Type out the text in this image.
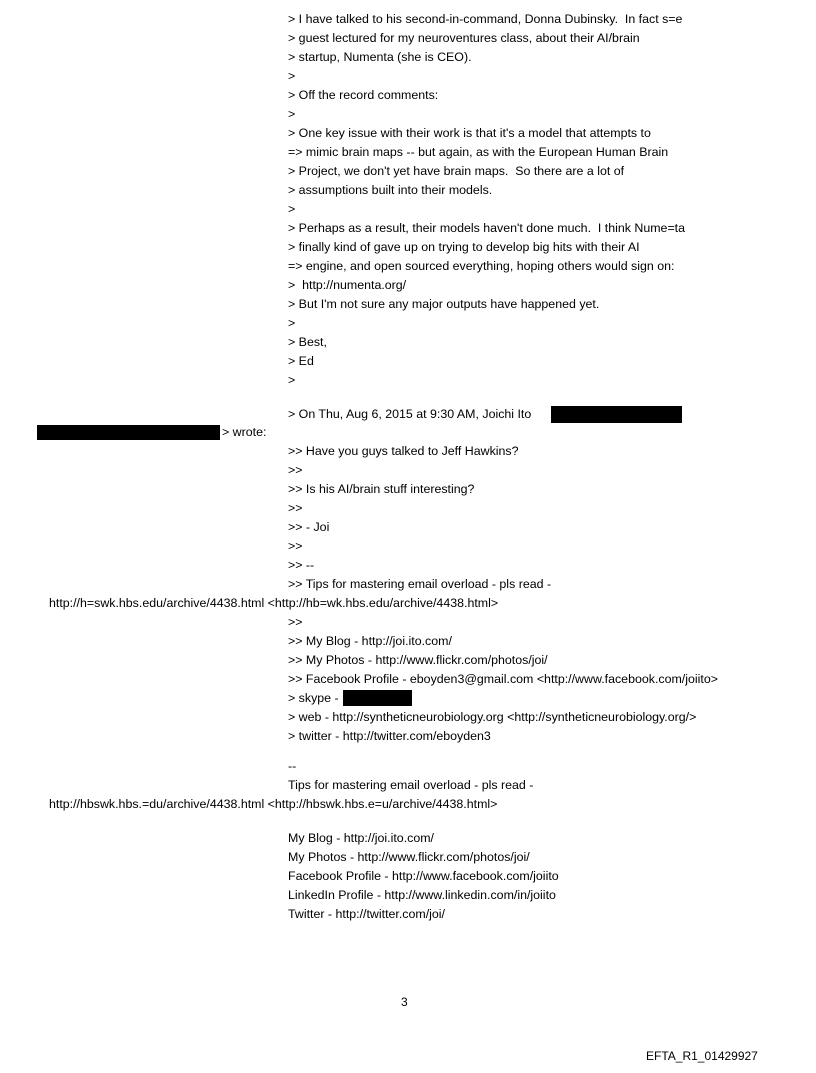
> I have talked to his second-in-command, Donna Dubinsky.  In fact s=e
> guest lectured for my neuroventures class, about their AI/brain
> startup, Numenta (she is CEO).
>
> Off the record comments:
>
> One key issue with their work is that it's a model that attempts to
=> mimic brain maps -- but again, as with the European Human Brain
> Project, we don't yet have brain maps.  So there are a lot of
> assumptions built into their models.
>
> Perhaps as a result, their models haven't done much.  I think Nume=ta
> finally kind of gave up on trying to develop big hits with their AI
=> engine, and open sourced everything, hoping others would sign on:
>  http://numenta.org/
> But I'm not sure any major outputs have happened yet.
>
> Best,
> Ed
>
> On Thu, Aug 6, 2015 at 9:30 AM, Joichi Ito
> wrote:
>> Have you guys talked to Jeff Hawkins?
>>
>> Is his AI/brain stuff interesting?
>>
>> - Joi
>>
>> --
>> Tips for mastering email overload - pls read -
http://h=swk.hbs.edu/archive/4438.html <http://hb=wk.hbs.edu/archive/4438.html>
>>
>> My Blog - http://joi.ito.com/
>> My Photos - http://www.flickr.com/photos/joi/
>> Facebook Profile - eboyden3@gmail.com <http://www.facebook.com/joiito>
> skype -
> web - http://syntheticneurobiology.org <http://syntheticneurobiology.org/>
> twitter - http://twitter.com/eboyden3
--
Tips for mastering email overload - pls read -
http://hbswk.hbs.=du/archive/4438.html <http://hbswk.hbs.e=u/archive/4438.html>
My Blog - http://joi.ito.com/
My Photos - http://www.flickr.com/photos/joi/
Facebook Profile - http://www.facebook.com/joiito
LinkedIn Profile - http://www.linkedin.com/in/joiito
Twitter - http://twitter.com/joi/
3
EFTA_R1_01429927
